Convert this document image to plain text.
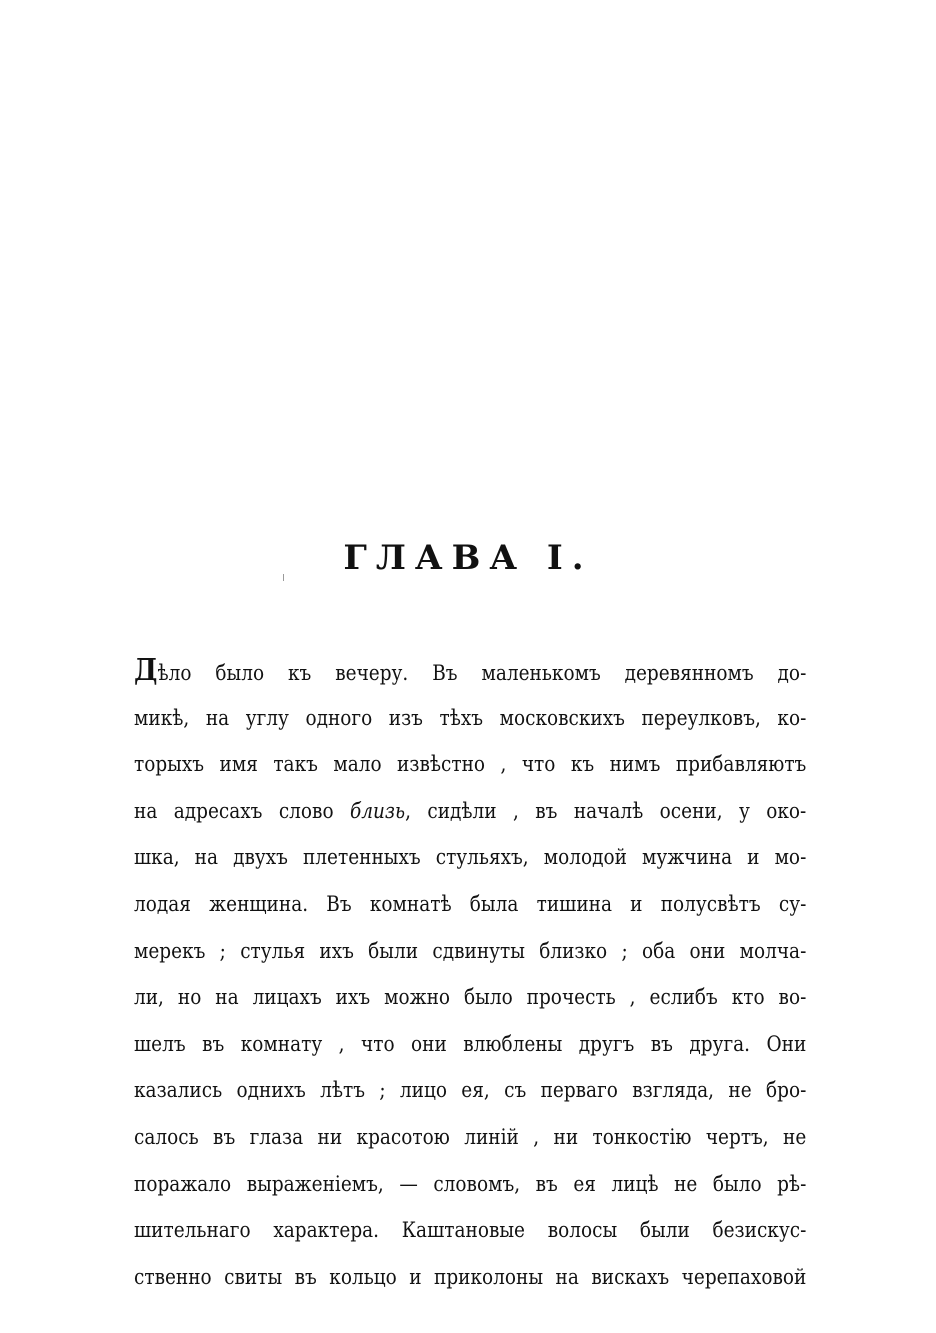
ГЛАВА I.
Дѣло было къ вечеру. Въ маленькомъ деревянномъ до-
микѣ, на углу одного изъ тѣхъ московскихъ переулковъ, ко-
торыхъ имя такъ мало извѣстно , что къ нимъ прибавляютъ
на адресахъ слово близь, сидѣли , въ началѣ осени, у око-
шка, на двухъ плетенныхъ стульяхъ, молодой мужчина и мо-
лодая женщина. Въ комнатѣ была тишина и полусвѣтъ су-
мерекъ ; стулья ихъ были сдвинуты близко ; оба они молча-
ли, но на лицахъ ихъ можно было прочесть , еслибъ кто во-
шелъ въ комнату , что они влюблены другъ въ друга. Они
казались однихъ лѣтъ ; лицо ея, съ перваго взгляда, не бро-
салось въ глаза ни красотою линій , ни тонкостію чертъ, не
поражало выраженіемъ, — словомъ, въ ея лицѣ не было рѣ-
шительнаго характера. Каштановые волосы были безискус-
ственно свиты въ кольцо и приколоны на вискахъ черепаховой
